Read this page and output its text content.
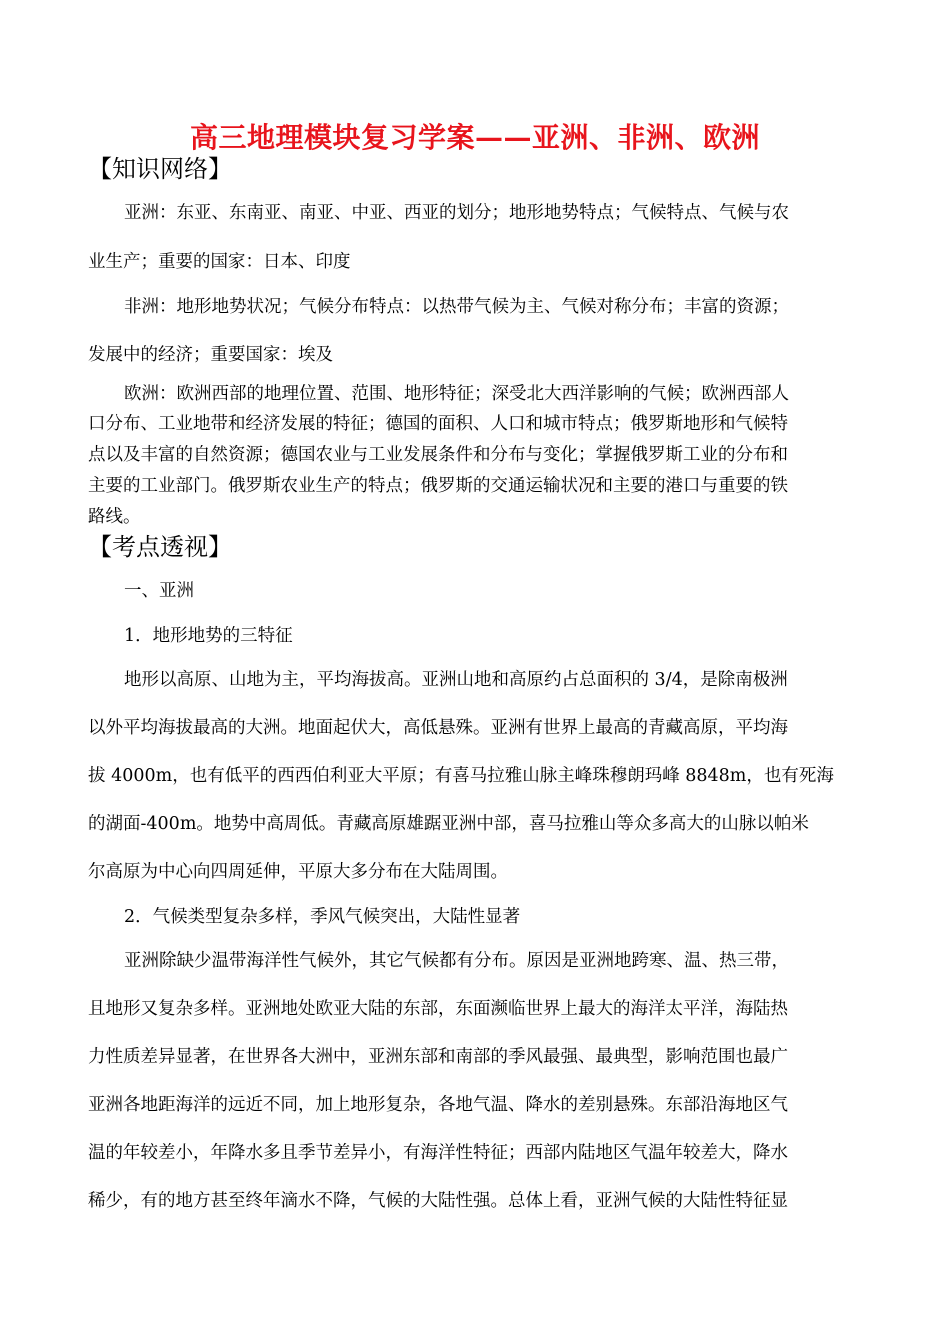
高三地理模块复习学案——亚洲、非洲、欧洲
【知识网络】
亚洲：东亚、东南亚、南亚、中亚、西亚的划分；地形地势特点；气候特点、气候与农
业生产；重要的国家：日本、印度
非洲：地形地势状况；气候分布特点：以热带气候为主、气候对称分布；丰富的资源；
发展中的经济；重要国家：埃及
欧洲：欧洲西部的地理位置、范围、地形特征；深受北大西洋影响的气候；欧洲西部人
口分布、工业地带和经济发展的特征；德国的面积、人口和城市特点；俄罗斯地形和气候特
点以及丰富的自然资源；德国农业与工业发展条件和分布与变化；掌握俄罗斯工业的分布和
主要的工业部门。俄罗斯农业生产的特点；俄罗斯的交通运输状况和主要的港口与重要的铁
路线。
【考点透视】
一、亚洲
1．地形地势的三特征
地形以高原、山地为主，平均海拔高。亚洲山地和高原约占总面积的 3/4，是除南极洲
以外平均海拔最高的大洲。地面起伏大，高低悬殊。亚洲有世界上最高的青藏高原，平均海
拔 4000m，也有低平的西西伯利亚大平原；有喜马拉雅山脉主峰珠穆朗玛峰 8848m，也有死海
的湖面-400m。地势中高周低。青藏高原雄踞亚洲中部，喜马拉雅山等众多高大的山脉以帕米
尔高原为中心向四周延伸，平原大多分布在大陆周围。
2．气候类型复杂多样，季风气候突出，大陆性显著
亚洲除缺少温带海洋性气候外，其它气候都有分布。原因是亚洲地跨寒、温、热三带，
且地形又复杂多样。亚洲地处欧亚大陆的东部，东面濒临世界上最大的海洋太平洋，海陆热
力性质差异显著，在世界各大洲中，亚洲东部和南部的季风最强、最典型，影响范围也最广
亚洲各地距海洋的远近不同，加上地形复杂，各地气温、降水的差别悬殊。东部沿海地区气
温的年较差小，年降水多且季节差异小，有海洋性特征；西部内陆地区气温年较差大，降水
稀少，有的地方甚至终年滴水不降，气候的大陆性强。总体上看，亚洲气候的大陆性特征显
